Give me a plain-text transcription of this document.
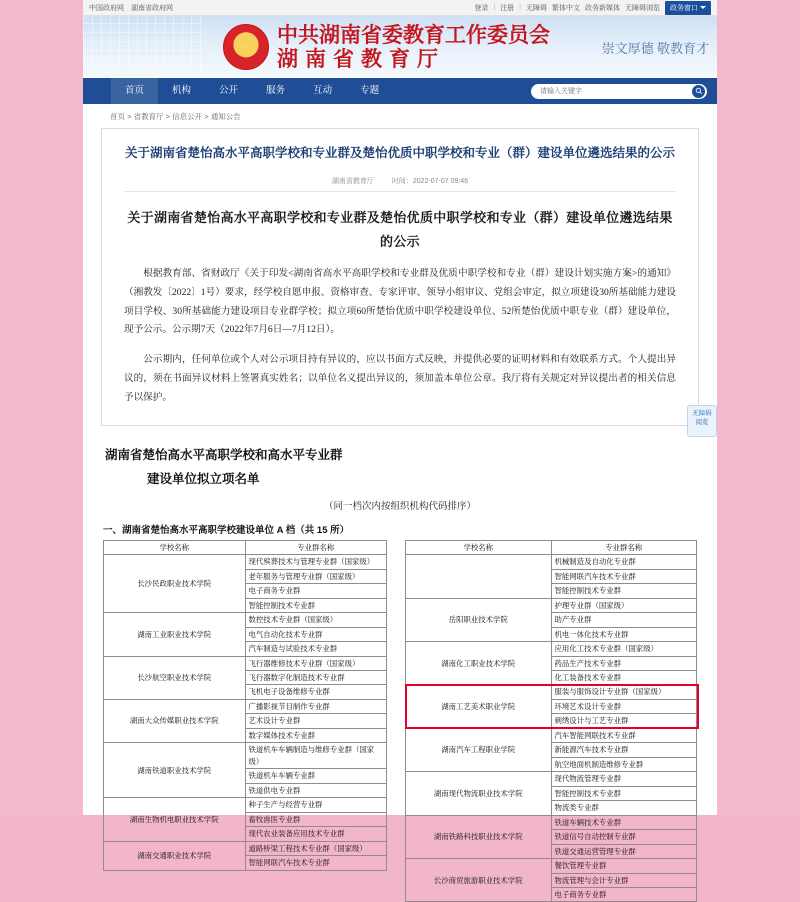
中国政府网 湖南省政府网	登录 | 注册 | 无障碍 繁体中文 政务新媒体 无障碍浏览 政务窗口
★
中共湖南省委教育工作委员会
湖南省教育厅	崇文厚德 敬教育才
首页	机构	公开	服务	互动	专题
请输入关键字
首页 > 省教育厅 > 信息公开 > 通知公告
关于湖南省楚怡高水平高职学校和专业群及楚怡优质中职学校和专业（群）建设单位遴选结果的公示
湖南省教育厅	时间：2022-07-07 09:46
关于湖南省楚怡高水平高职学校和专业群及楚怡优质中职学校和专业（群）建设单位遴选结果的公示
根据教育部、省财政厅《关于印发<湖南省高水平高职学校和专业群及优质中职学校和专业（群）建设计划实施方案>的通知》（湘教发〔2022〕1号）要求，经学校自愿申报、资格审查、专家评审、领导小组审议、党组会审定，拟立项建设30所基础能力建设项目学校、30所基础能力建设项目专业群学校；拟立项60所楚怡优质中职学校建设单位、52所楚怡优质中职专业（群）建设单位，现予公示。公示期7天（2022年7月6日—7月12日）。
公示期内，任何单位或个人对公示项目持有异议的，应以书面方式反映，并提供必要的证明材料和有效联系方式。个人提出异议的，须在书面异议材料上签署真实姓名；以单位名义提出异议的，须加盖本单位公章。我厅将有关规定对异议提出者的相关信息予以保护。
湖南省楚怡高水平高职学校和高水平专业群
建设单位拟立项名单
（同一档次内按组织机构代码排序）
一、湖南省楚怡高水平高职学校建设单位 A 档（共 15 所）
学校名称	专业群名称
长沙民政职业技术学院	现代殡葬技术与管理专业群（国家级）
	老年服务与管理专业群（国家级）
	电子商务专业群
	智能控制技术专业群
湖南工业职业技术学院	数控技术专业群（国家级）
	电气自动化技术专业群
	汽车制造与试验技术专业群
长沙航空职业技术学院	飞行器维修技术专业群（国家级）
	飞行器数字化制造技术专业群
	飞机电子设备维修专业群
湖南大众传媒职业技术学院	广播影视节目制作专业群
	艺术设计专业群
	数字媒体技术专业群
湖南铁道职业技术学院	铁道机车车辆制造与维修专业群（国家级）
	铁道机车车辆专业群
	铁道供电专业群
湖南生物机电职业技术学院	种子生产与经营专业群
	畜牧兽医专业群
	现代农业装备应用技术专业群
湖南交通职业技术学院	道路桥梁工程技术专业群（国家级）
	智能网联汽车技术专业群
学校名称	专业群名称
	机械制造及自动化专业群
	智能网联汽车技术专业群
	智能控制技术专业群
岳阳职业技术学院	护理专业群（国家级）
	助产专业群
	机电一体化技术专业群
湖南化工职业技术学院	应用化工技术专业群（国家级）
	药品生产技术专业群
	化工装备技术专业群
湖南工艺美术职业学院	服装与服饰设计专业群（国家级）
	环境艺术设计专业群
	刺绣设计与工艺专业群
湖南汽车工程职业学院	汽车智能网联技术专业群
	新能源汽车技术专业群
	航空地面机制造维修专业群
湖南现代物流职业技术学院	现代物流管理专业群
	智能控制技术专业群
	物流类专业群
湖南铁路科技职业技术学院	铁道车辆技术专业群
	铁道信号自动控制专业群
	铁道交通运营管理专业群
长沙商贸旅游职业技术学院	餐饮管理专业群
	物流管理与会计专业群
	电子商务专业群
无障碍
阅览
